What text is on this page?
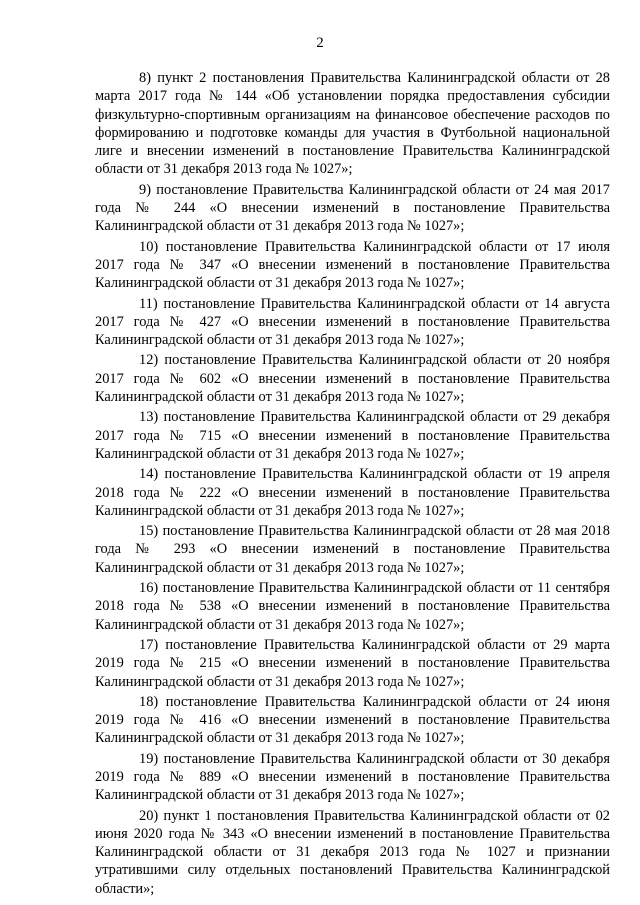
2

8) пункт 2 постановления Правительства Калининградской области от 28 марта 2017 года № 144 «Об установлении порядка предоставления субсидии физкультурно-спортивным организациям на финансовое обеспечение расходов по формированию и подготовке команды для участия в Футбольной национальной лиге и внесении изменений в постановление Правительства Калининградской области от 31 декабря 2013 года № 1027»;

9) постановление Правительства Калининградской области от 24 мая 2017 года № 244 «О внесении изменений в постановление Правительства Калининградской области от 31 декабря 2013 года № 1027»;

10) постановление Правительства Калининградской области от 17 июля 2017 года № 347 «О внесении изменений в постановление Правительства Калининградской области от 31 декабря 2013 года № 1027»;

11) постановление Правительства Калининградской области от 14 августа 2017 года № 427 «О внесении изменений в постановление Правительства Калининградской области от 31 декабря 2013 года № 1027»;

12) постановление Правительства Калининградской области от 20 ноября 2017 года № 602 «О внесении изменений в постановление Правительства Калининградской области от 31 декабря 2013 года № 1027»;

13) постановление Правительства Калининградской области от 29 декабря 2017 года № 715 «О внесении изменений в постановление Правительства Калининградской области от 31 декабря 2013 года № 1027»;

14) постановление Правительства Калининградской области от 19 апреля 2018 года № 222 «О внесении изменений в постановление Правительства Калининградской области от 31 декабря 2013 года № 1027»;

15) постановление Правительства Калининградской области от 28 мая 2018 года № 293 «О внесении изменений в постановление Правительства Калининградской области от 31 декабря 2013 года № 1027»;

16) постановление Правительства Калининградской области от 11 сентября 2018 года № 538 «О внесении изменений в постановление Правительства Калининградской области от 31 декабря 2013 года № 1027»;

17) постановление Правительства Калининградской области от 29 марта 2019 года № 215 «О внесении изменений в постановление Правительства Калининградской области от 31 декабря 2013 года № 1027»;

18) постановление Правительства Калининградской области от 24 июня 2019 года № 416 «О внесении изменений в постановление Правительства Калининградской области от 31 декабря 2013 года № 1027»;

19) постановление Правительства Калининградской области от 30 декабря 2019 года № 889 «О внесении изменений в постановление Правительства Калининградской области от 31 декабря 2013 года № 1027»;

20) пункт 1 постановления Правительства Калининградской области от 02 июня 2020 года № 343 «О внесении изменений в постановление Правительства Калининградской области от 31 декабря 2013 года № 1027 и признании утратившими силу отдельных постановлений Правительства Калининградской области»;
